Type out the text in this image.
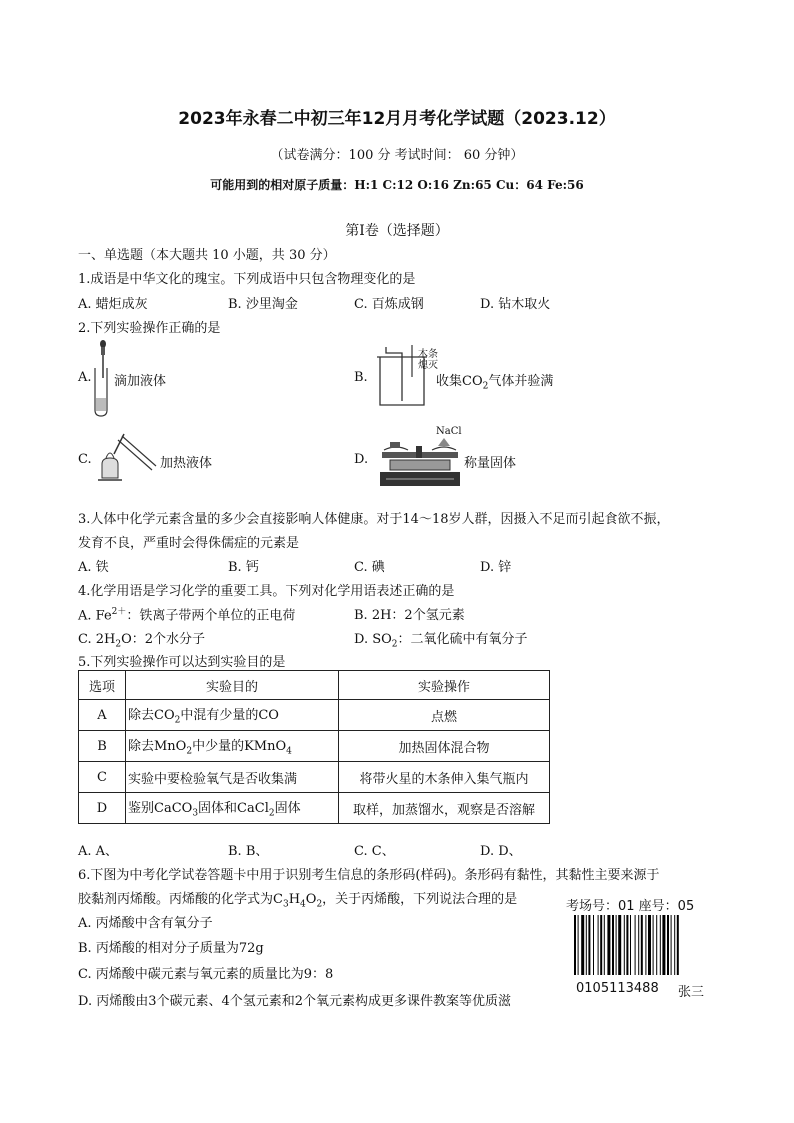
2023年永春二中初三年12月月考化学试题（2023.12）
（试卷满分：100 分 考试时间： 60 分钟）
可能用到的相对原子质量：H:1 C:12 O:16 Zn:65 Cu：64 Fe:56
第Ⅰ卷（选择题）
一、单选题（本大题共 10 小题，共 30 分）
1.成语是中华文化的瑰宝。下列成语中只包含物理变化的是
A. 蜡炬成灰	B. 沙里淘金	C. 百炼成钢	D. 钻木取火
2.下列实验操作正确的是
A. 滴加液体	B.
木条
熄灭
收集$CO_2$气体并验满
C.	加热液体	D.
NaCl
称量固体
3.人体中化学元素含量的多少会直接影响人体健康。对于14～18岁人群，因摄入不足而引起食欲不振，
发育不良，严重时会得侏儒症的元素是
A. 铁	B. 钙	C. 碘	D. 锌
4.化学用语是学习化学的重要工具。下列对化学用语表述正确的是
A. $Fe^{2+}$：铁离子带两个单位的正电荷	B. 2H：2个氢元素
C. $2H_2O$：2个水分子	D. $SO_2$：二氧化硫中有氧分子
5.下列实验操作可以达到实验目的是
选项	实验目的	实验操作
A	除去$CO_2$中混有少量的CO	点燃
B	除去MnO$_2$中少量的KMnO$_4$	加热固体混合物
C	实验中要检验氧气是否收集满	将带火星的木条伸入集气瓶内
D	鉴别CaCO$_3$固体和CaCl$_2$固体	取样，加蒸馏水，观察是否溶解
A. A、	B. B、	C. C、	D. D、
6.下图为中考化学试卷答题卡中用于识别考生信息的条形码(样码)。条形码有黏性，其黏性主要来源于
胶黏剂丙烯酸。丙烯酸的化学式为$C_3H_4O_2$，关于丙烯酸，下列说法合理的是
A. 丙烯酸中含有氧分子
B. 丙烯酸的相对分子质量为72g
C. 丙烯酸中碳元素与氧元素的质量比为9：8
D. 丙烯酸由3个碳元素、4个氢元素和2个氧元素构成更多课件教案等优质滋
考场号：01 座号：05
0105113488 张三
